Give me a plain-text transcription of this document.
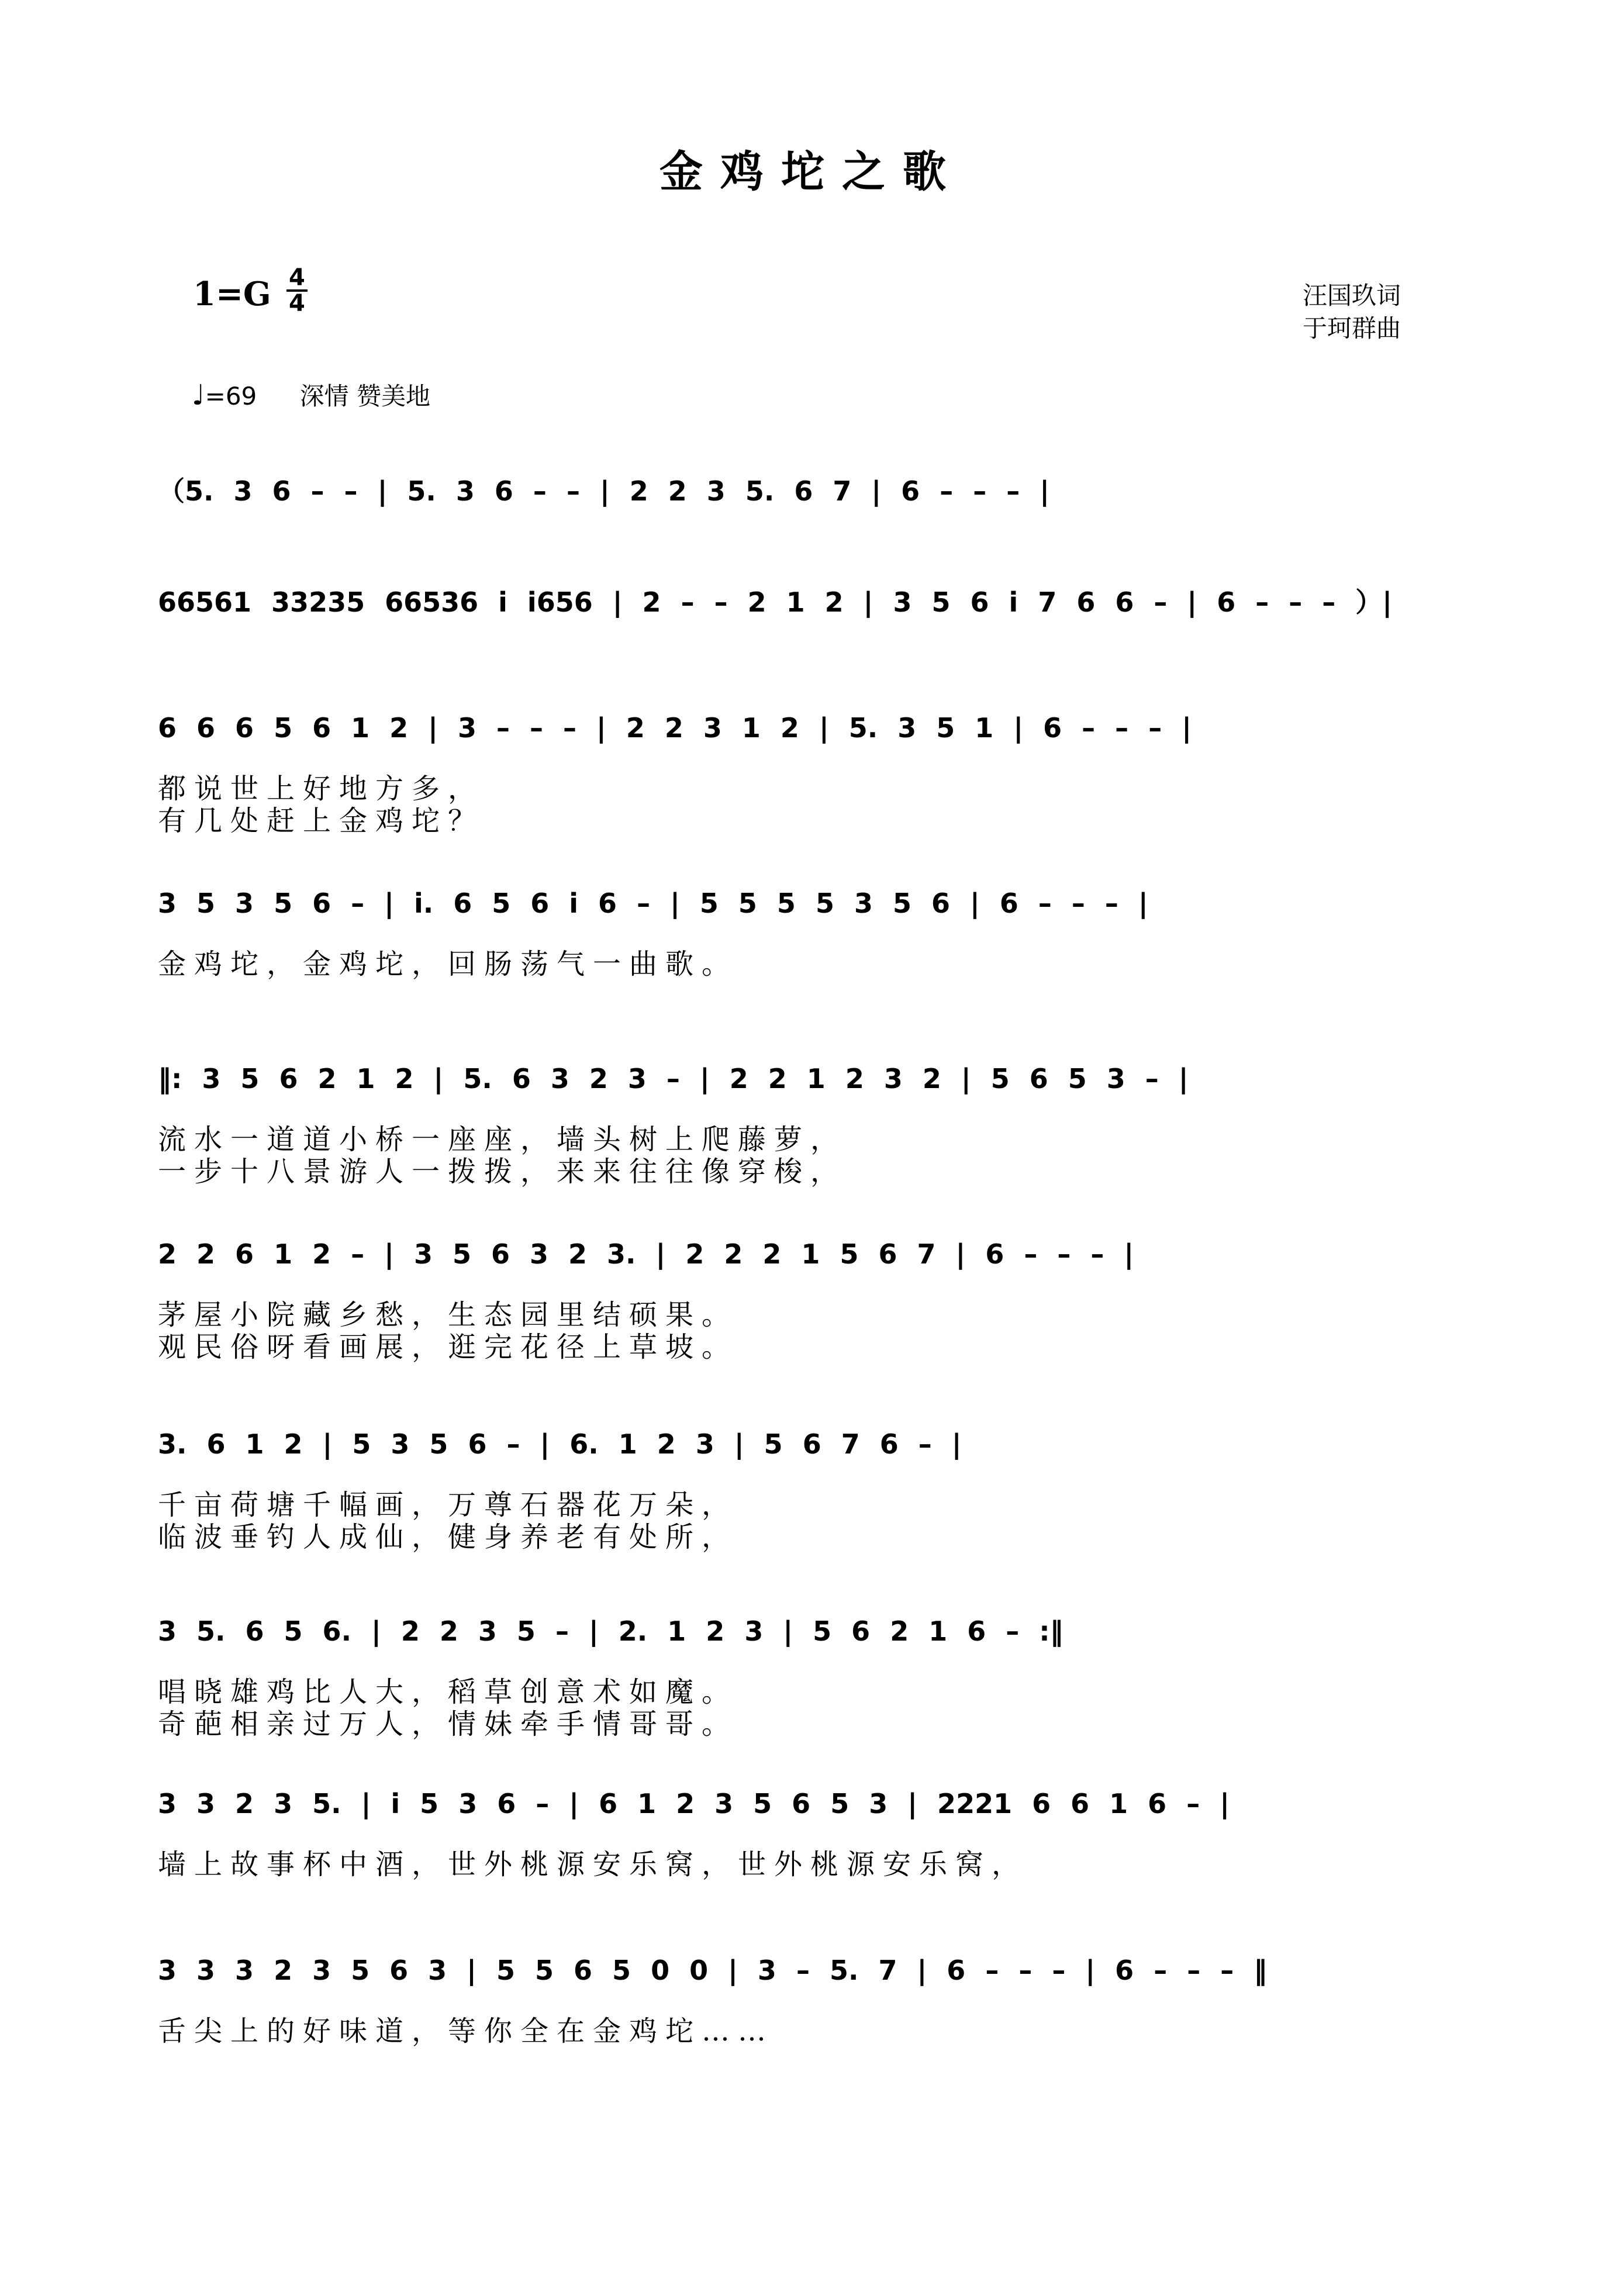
金鸡坨之歌
1=G 4
4	汪国玖词
于珂群曲
♩=69 深情 赞美地
（5. 3 6 – – | 5. 3 6 – – | 2 2 3 5. 6 7 | 6 – – – |
66561 33235 66536 i i656 | 2 – – 2 1 2 | 3 5 6 i 7 6 6 – | 6 – – – ）|
6 6 6 5 6 1 2 | 3 – – – | 2 2 3 1 2 | 5. 3 5 1 | 6 – – – |
都说世上好地方多，
有几处赶上金鸡坨？
3 5 3 5 6 – | i. 6 5 6 i 6 – | 5 5 5 5 3 5 6 | 6 – – – |
金鸡坨，金鸡坨，回肠荡气一曲歌。
‖: 3 5 6 2 1 2 | 5. 6 3 2 3 – | 2 2 1 2 3 2 | 5 6 5 3 – |
流水一道道小桥一座座，墙头树上爬藤萝，
一步十八景游人一拨拨，来来往往像穿梭，
2 2 6 1 2 – | 3 5 6 3 2 3. | 2 2 2 1 5 6 7 | 6 – – – |
茅屋小院藏乡愁，生态园里结硕果。
观民俗呀看画展，逛完花径上草坡。
3. 6 1 2 | 5 3 5 6 – | 6. 1 2 3 | 5 6 7 6 – |
千亩荷塘千幅画，万尊石器花万朵，
临波垂钓人成仙，健身养老有处所，
3 5. 6 5 6. | 2 2 3 5 – | 2. 1 2 3 | 5 6 2 1 6 – :‖
唱晓雄鸡比人大，稻草创意术如魔。
奇葩相亲过万人，情妹牵手情哥哥。
3 3 2 3 5. | i 5 3 6 – | 6 1 2 3 5 6 5 3 | 2221 6 6 1 6 – |
墙上故事杯中酒，世外桃源安乐窝，世外桃源安乐窝，
3 3 3 2 3 5 6 3 | 5 5 6 5 0 0 | 3 – 5. 7 | 6 – – – | 6 – – – ‖
舌尖上的好味道，等你全在金鸡坨……
